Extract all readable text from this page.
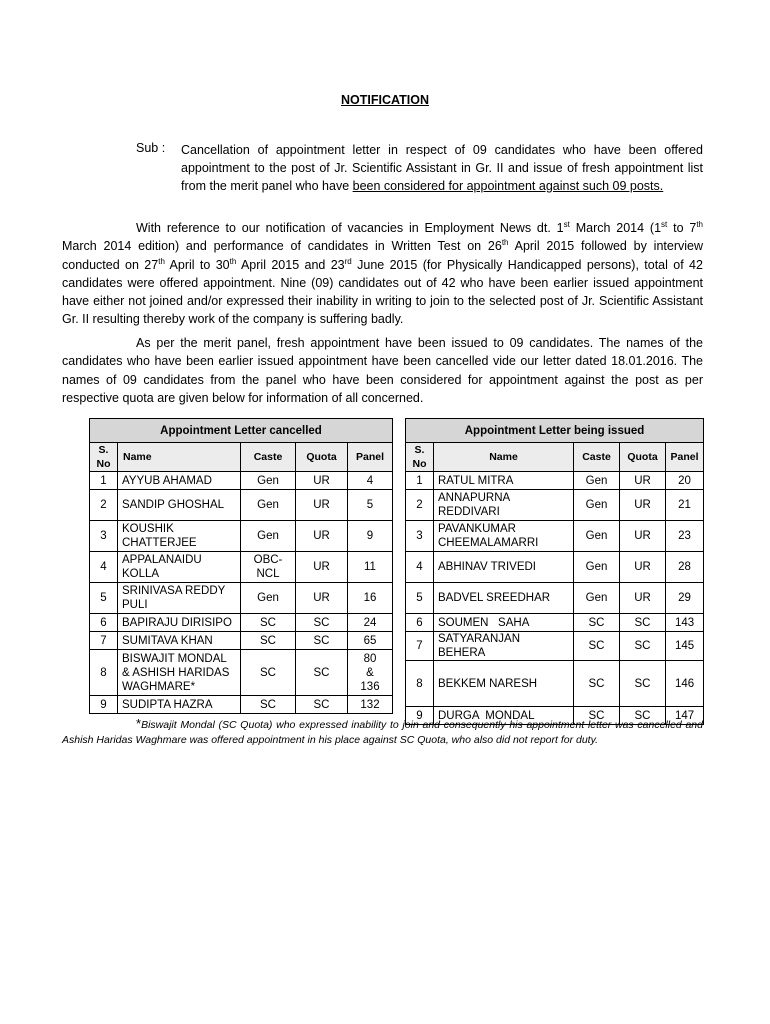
NOTIFICATION
Sub : Cancellation of appointment letter in respect of 09 candidates who have been offered appointment to the post of Jr. Scientific Assistant in Gr. II and issue of fresh appointment list from the merit panel who have been considered for appointment against such 09 posts.
With reference to our notification of vacancies in Employment News dt. 1st March 2014 (1st to 7th March 2014 edition) and performance of candidates in Written Test on 26th April 2015 followed by interview conducted on 27th April to 30th April 2015 and 23rd June 2015 (for Physically Handicapped persons), total of 42 candidates were offered appointment. Nine (09) candidates out of 42 who have been earlier issued appointment have either not joined and/or expressed their inability in writing to join to the selected post of Jr. Scientific Assistant Gr. II resulting thereby work of the company is suffering badly.
As per the merit panel, fresh appointment have been issued to 09 candidates. The names of the candidates who have been earlier issued appointment have been cancelled vide our letter dated 18.01.2016. The names of 09 candidates from the panel who have been considered for appointment against the post as per respective quota are given below for information of all concerned.
Appointment Letter cancelled				
S. No	Name	Caste	Quota	Panel
1	AYYUB AHAMAD	Gen	UR	4
2	SANDIP GHOSHAL	Gen	UR	5
3	KOUSHIK CHATTERJEE	Gen	UR	9
4	APPALANAIDU KOLLA	OBC-NCL	UR	11
5	SRINIVASA REDDY PULI	Gen	UR	16
6	BAPIRAJU DIRISIPO	SC	SC	24
7	SUMITAVA KHAN	SC	SC	65
8	BISWAJIT MONDAL & ASHISH HARIDAS WAGHMARE*	SC	SC	80 & 136
9	SUDIPTA HAZRA	SC	SC	132
Appointment Letter being issued				
S. No	Name	Caste	Quota	Panel
1	RATUL MITRA	Gen	UR	20
2	ANNAPURNA REDDIVARI	Gen	UR	21
3	PAVANKUMAR CHEEMALAMARRI	Gen	UR	23
4	ABHINAV TRIVEDI	Gen	UR	28
5	BADVEL SREEDHAR	Gen	UR	29
6	SOUMEN   SAHA	SC	SC	143
7	SATYARANJAN BEHERA	SC	SC	145
8	BEKKEM NARESH	SC	SC	146
9	DURGA  MONDAL	SC	SC	147
*Biswajit Mondal (SC Quota) who expressed inability to join and consequently his appointment letter was cancelled and Ashish Haridas Waghmare was offered appointment in his place against SC Quota, who also did not report for duty.
